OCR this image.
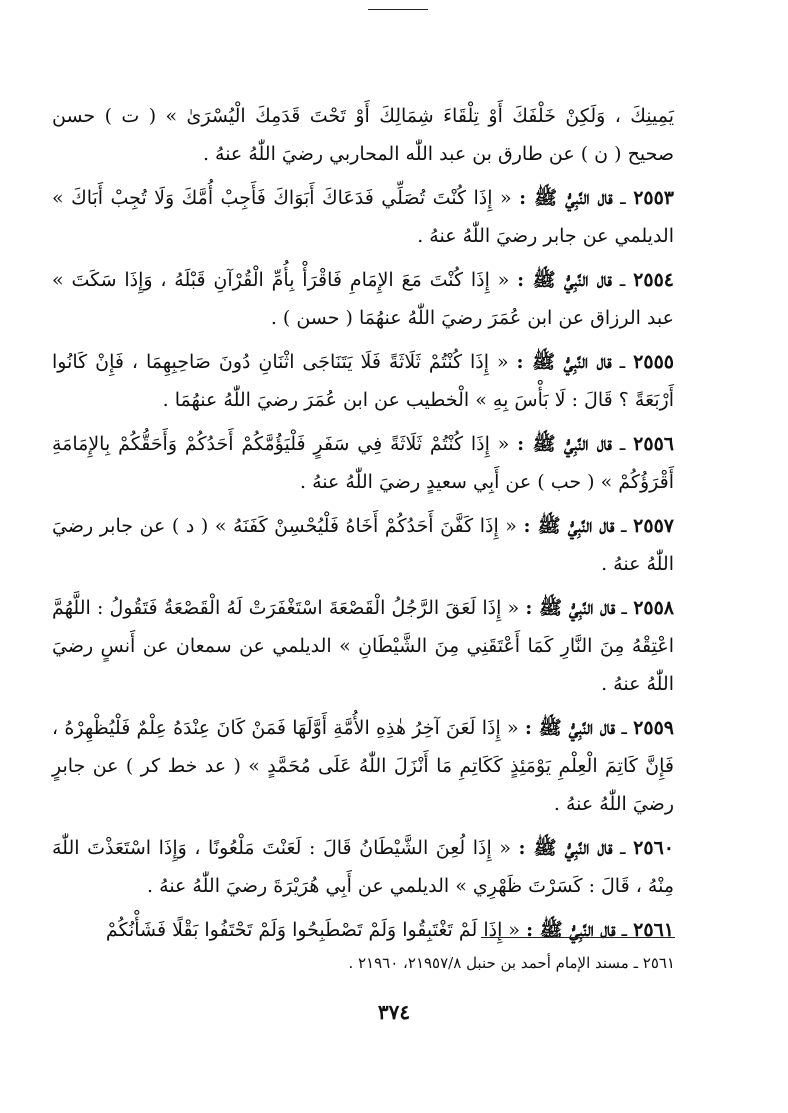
يَمِينِكَ ، وَلَكِنْ خَلْفَكَ أَوْ تِلْقَاءَ شِمَالِكَ أَوْ تَحْتَ قَدَمِكَ الْيُسْرَىٰ » ( ت ) حسن صحيح ( ن ) عن طارق بن عبد اللّٰه المحاربي رضيَ اللّٰهُ عنهُ .

٢٥٥٣ ـ قال النَّبِيُّ ﷺ : « إِذَا كُنْتَ تُصَلِّي فَدَعَاكَ أَبَوَاكَ فَأَجِبْ أُمَّكَ وَلَا تُجِبْ أَبَاكَ » الديلمي عن جابر رضيَ اللّٰهُ عنهُ .

٢٥٥٤ ـ قال النَّبِيُّ ﷺ : « إِذَا كُنْتَ مَعَ الإِمَامِ فَاقْرَأْ بِأُمِّ الْقُرْآنِ قَبْلَهُ ، وَإِذَا سَكَتَ » عبد الرزاق عن ابن عُمَرَ رضيَ اللّٰهُ عنهُمَا ( حسن ) .

٢٥٥٥ ـ قال النَّبِيُّ ﷺ : « إِذَا كُنْتُمْ ثَلَاثَةً فَلَا يَتَنَاجَى اثْنَانِ دُونَ صَاحِبِهِمَا ، فَإِنْ كَانُوا أَرْبَعَةً ؟ قَالَ : لَا بَأْسَ بِهِ » الْخطيب عن ابن عُمَرَ رضيَ اللّٰهُ عنهُمَا .

٢٥٥٦ ـ قال النَّبِيُّ ﷺ : « إِذَا كُنْتُمْ ثَلَاثَةً فِي سَفَرٍ فَلْيَؤُمَّكُمْ أَحَدُكُمْ وَأَحَقُّكُمْ بِالإِمَامَةِ أَقْرَؤُكُمْ » ( حب ) عن أَبِي سعيدٍ رضيَ اللّٰهُ عنهُ .

٢٥٥٧ ـ قال النَّبِيُّ ﷺ : « إِذَا كَفَّنَ أَحَدُكُمْ أَخَاهُ فَلْيُحْسِنْ كَفَنَهُ » ( د ) عن جابر رضيَ اللّٰهُ عنهُ .

٢٥٥٨ ـ قال النَّبِيُّ ﷺ : « إِذَا لَعَقَ الرَّجُلُ الْقَصْعَةَ اسْتَغْفَرَتْ لَهُ الْقَصْعَةُ فَتَقُولُ : اللَّهُمَّ اعْتِقْهُ مِنَ النَّارِ كَمَا أَعْتَقَنِي مِنَ الشَّيْطَانِ » الديلمي عن سمعان عن أَنسٍ رضيَ اللّٰهُ عنهُ .

٢٥٥٩ ـ قال النَّبِيُّ ﷺ : « إِذَا لَعَنَ آخِرُ هٰذِهِ الأُمَّةِ أَوَّلَهَا فَمَنْ كَانَ عِنْدَهُ عِلْمٌ فَلْيُظْهِرْهُ ، فَإِنَّ كَاتِمَ الْعِلْمِ يَوْمَئِذٍ كَكَاتِمِ مَا أَنْزَلَ اللّٰهُ عَلَى مُحَمَّدٍ » ( عد خط كر ) عن جابرٍ رضيَ اللّٰهُ عنهُ .

٢٥٦٠ ـ قال النَّبِيُّ ﷺ : « إِذَا لُعِنَ الشَّيْطَانُ قَالَ : لَعَنْتَ مَلْعُونًا ، وَإِذَا اسْتَعَذْتَ اللّٰهَ مِنْهُ ، قَالَ : كَسَرْتَ ظَهْرِي » الديلمي عن أَبِي هُرَيْرَةَ رضيَ اللّٰهُ عنهُ .

٢٥٦١ ـ قال النَّبِيُّ ﷺ : « إِذَا لَمْ تَغْتَبِقُوا وَلَمْ تَصْطَبِحُوا وَلَمْ تَحْتَفُوا بَقْلًا فَشَأْنُكُمْ

٢٥٦١ ـ مسند الإمام أحمد بن حنبل ٢١٩٥٧/٨، ٢١٩٦٠ .
٣٧٤
